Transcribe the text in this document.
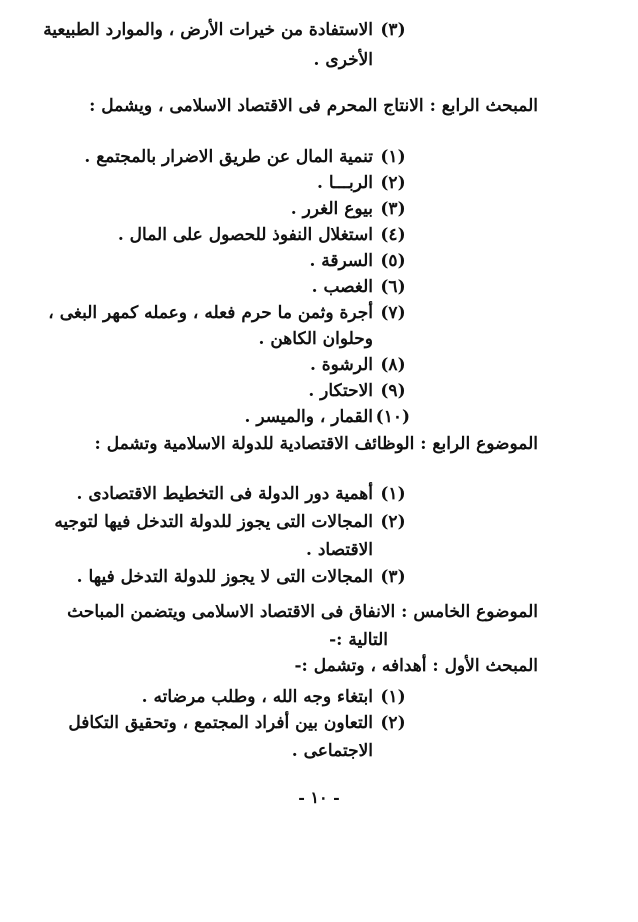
(٣)
الاستفادة من خيرات الأرض ، والموارد الطبيعية
الأخرى .
المبحث الرابع : الانتاج المحرم فى الاقتصاد الاسلامى ، ويشمل :
(١)
تنمية المال عن طريق الاضرار بالمجتمع .
(٢)
الربـــا .
(٣)
بيوع الغرر .
(٤)
استغلال النفوذ للحصول على المال .
(٥)
السرقة .
(٦)
الغصب .
(٧)
أجرة وثمن ما حرم فعله ، وعمله كمهر البغى ،
وحلوان الكاهن .
(٨)
الرشوة .
(٩)
الاحتكار .
(١٠)
القمار ، والميسر .
الموضوع الرابع : الوظائف الاقتصادية للدولة الاسلامية وتشمل :
(١)
أهمية دور الدولة فى التخطيط الاقتصادى .
(٢)
المجالات التى يجوز للدولة التدخل فيها لتوجيه
الاقتصاد .
(٣)
المجالات التى لا يجوز للدولة التدخل فيها .
الموضوع الخامس : الانفاق فى الاقتصاد الاسلامى ويتضمن المباحث
التالية :-
المبحث الأول : أهدافه ، وتشمل :-
(١)
ابتغاء وجه الله ، وطلب مرضاته .
(٢)
التعاون بين أفراد المجتمع ، وتحقيق التكافل
الاجتماعى .
- ١٠ -
